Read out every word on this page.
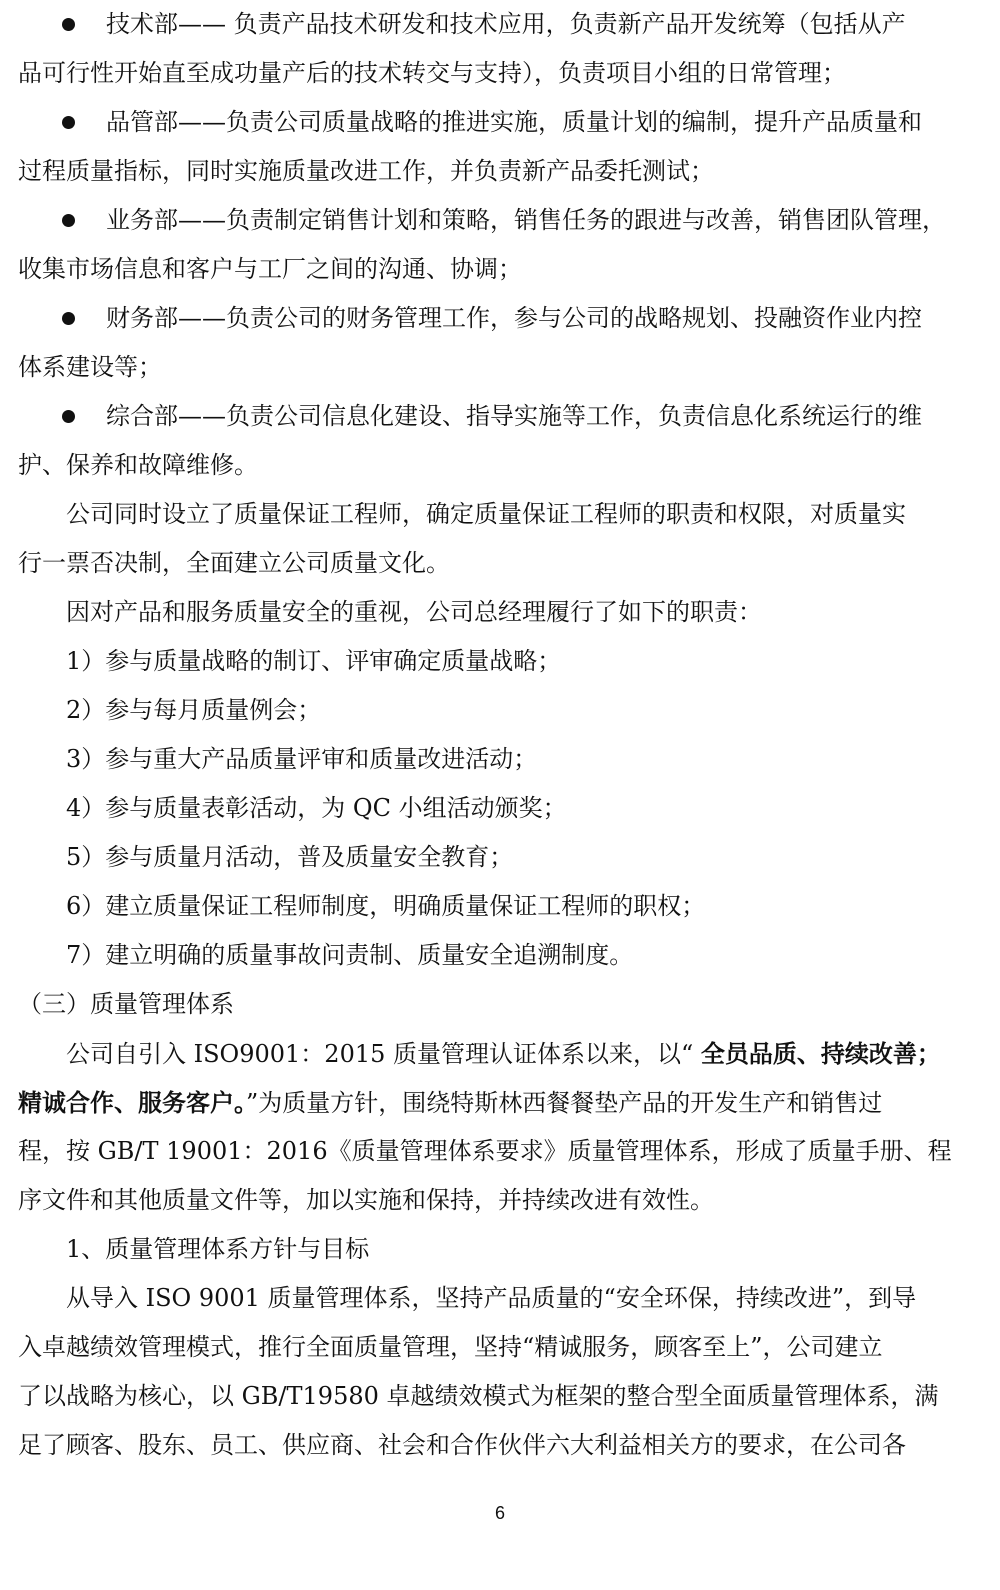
技术部—— 负责产品技术研发和技术应用，负责新产品开发统筹（包括从产
品可行性开始直至成功量产后的技术转交与支持），负责项目小组的日常管理；
品管部——负责公司质量战略的推进实施，质量计划的编制，提升产品质量和
过程质量指标，同时实施质量改进工作，并负责新产品委托测试；
业务部——负责制定销售计划和策略，销售任务的跟进与改善，销售团队管理，
收集市场信息和客户与工厂之间的沟通、协调；
财务部——负责公司的财务管理工作，参与公司的战略规划、投融资作业内控
体系建设等；
综合部——负责公司信息化建设、指导实施等工作，负责信息化系统运行的维
护、保养和故障维修。
公司同时设立了质量保证工程师，确定质量保证工程师的职责和权限，对质量实
行一票否决制，全面建立公司质量文化。
因对产品和服务质量安全的重视，公司总经理履行了如下的职责：
1）参与质量战略的制订、评审确定质量战略；
2）参与每月质量例会；
3）参与重大产品质量评审和质量改进活动；
4）参与质量表彰活动，为 QC 小组活动颁奖；
5）参与质量月活动，普及质量安全教育；
6）建立质量保证工程师制度，明确质量保证工程师的职权；
7）建立明确的质量事故问责制、质量安全追溯制度。
（三）质量管理体系
公司自引入 ISO9001：2015 质量管理认证体系以来，以“ 全员品质、持续改善；
精诚合作、服务客户。”为质量方针，围绕特斯林西餐餐垫产品的开发生产和销售过
程，按 GB/T 19001：2016《质量管理体系要求》质量管理体系，形成了质量手册、程
序文件和其他质量文件等，加以实施和保持，并持续改进有效性。
1、质量管理体系方针与目标
从导入 ISO 9001 质量管理体系，坚持产品质量的“安全环保，持续改进”，到导
入卓越绩效管理模式，推行全面质量管理，坚持“精诚服务，顾客至上”，公司建立
了以战略为核心，以 GB/T19580 卓越绩效模式为框架的整合型全面质量管理体系，满
足了顾客、股东、员工、供应商、社会和合作伙伴六大利益相关方的要求，在公司各
6
